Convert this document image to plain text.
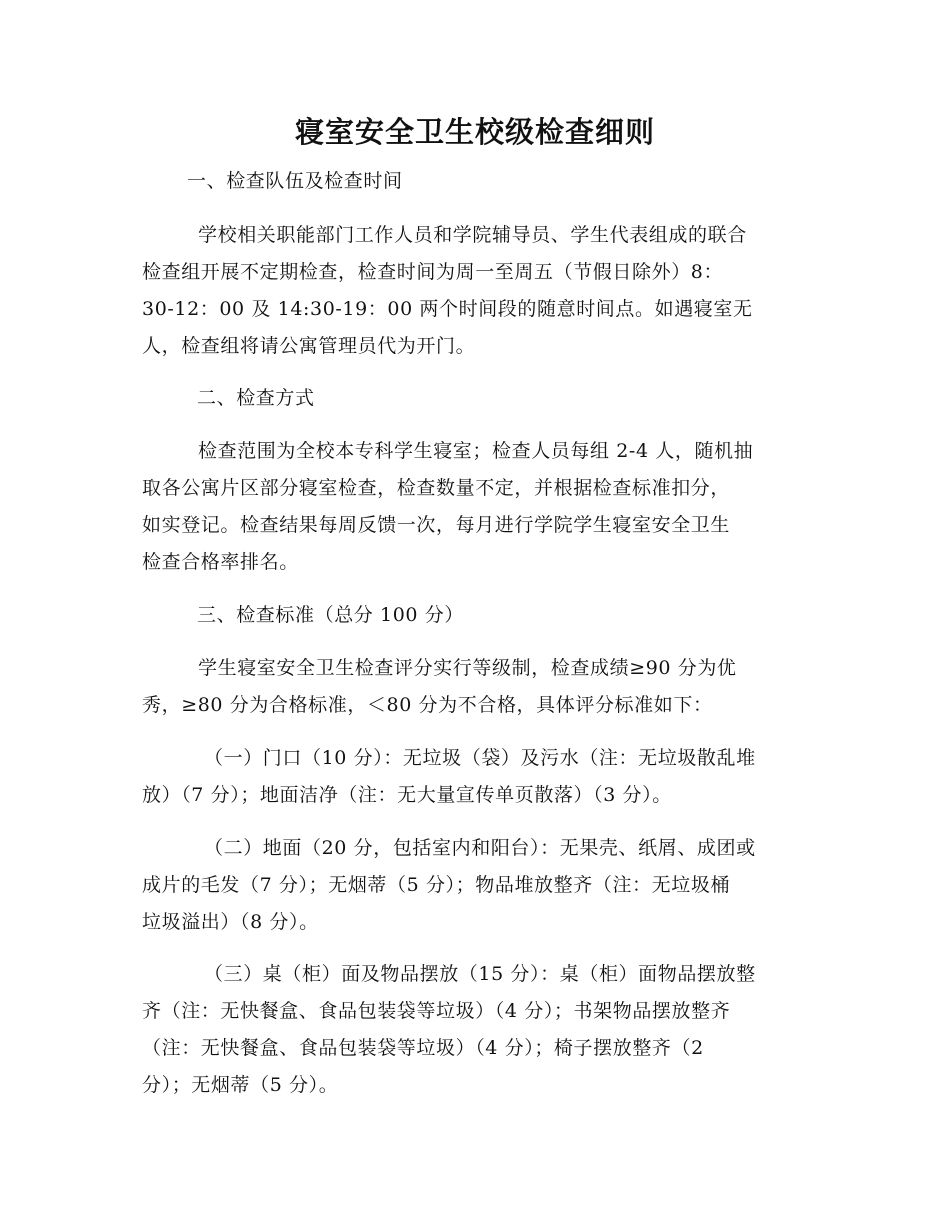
寝室安全卫生校级检查细则
一、检查队伍及检查时间
学校相关职能部门工作人员和学院辅导员、学生代表组成的联合
检查组开展不定期检查，检查时间为周一至周五（节假日除外）8：
30-12：00 及 14:30-19：00 两个时间段的随意时间点。如遇寝室无
人，检查组将请公寓管理员代为开门。
二、检查方式
检查范围为全校本专科学生寝室；检查人员每组 2-4 人，随机抽
取各公寓片区部分寝室检查，检查数量不定，并根据检查标准扣分，
如实登记。检查结果每周反馈一次，每月进行学院学生寝室安全卫生
检查合格率排名。
三、检查标准（总分 100 分）
学生寝室安全卫生检查评分实行等级制，检查成绩≥90 分为优
秀，≥80 分为合格标准，＜80 分为不合格，具体评分标准如下：
（一）门口（10 分）：无垃圾（袋）及污水（注：无垃圾散乱堆
放）（7 分）；地面洁净（注：无大量宣传单页散落）（3 分）。
（二）地面（20 分，包括室内和阳台）：无果壳、纸屑、成团或
成片的毛发（7 分）；无烟蒂（5 分）；物品堆放整齐（注：无垃圾桶
垃圾溢出）（8 分）。
（三）桌（柜）面及物品摆放（15 分）：桌（柜）面物品摆放整
齐（注：无快餐盒、食品包装袋等垃圾）（4 分）；书架物品摆放整齐
（注：无快餐盒、食品包装袋等垃圾）（4 分）；椅子摆放整齐（2
分）；无烟蒂（5 分）。
